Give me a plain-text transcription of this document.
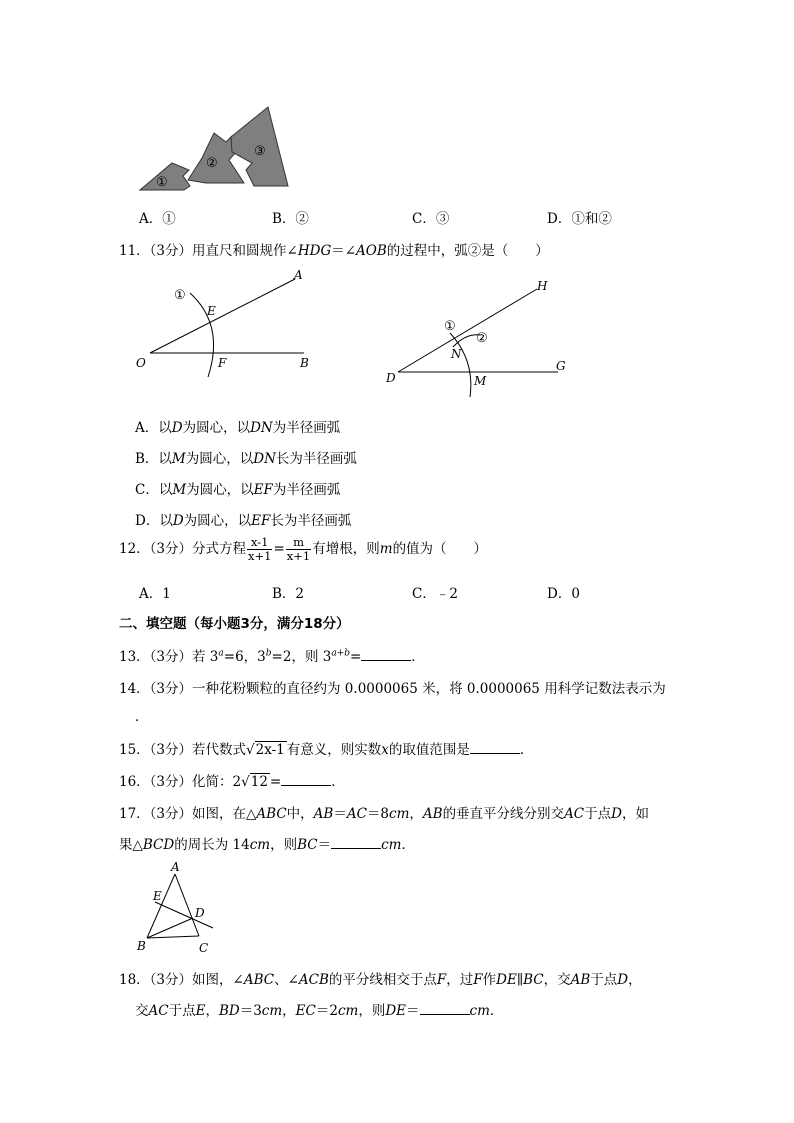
①
②
③
A．①	B．②	C．③	D．①和②
11．（3分）用直尺和圆规作∠HDG＝∠AOB的过程中，弧②是（　　）
①
E
F
O
A
B
①
②
N
M
D
H
G
A．以D为圆心，以DN为半径画弧
B．以M为圆心，以DN长为半径画弧
C．以M为圆心，以EF为半径画弧
D．以D为圆心，以EF长为半径画弧
12．（3分）分式方程 $\frac{x-1}{x+1} = \frac{m}{x+1}$ 有增根，则m的值为（　　）
A．1	B．2	C．﹣2	D．0
二、填空题（每小题3分，满分18分）
13．（3分）若 $3^a=6$，$3^b=2$，则 $3^{a+b}=$	．
14．（3分）一种花粉颗粒的直径约为 0.0000065 米，将 0.0000065 用科学记数法表示为
．
15．（3分）若代数式√2x-1 有意义，则实数x的取值范围是	．
16．（3分）化简：2√12 =	．
17．（3分）如图，在△ABC中，AB＝AC＝8cm，AB的垂直平分线分别交AC于点D，如
果△BCD的周长为 14cm，则BC＝	cm．
A
E
D
B	C
18．（3分）如图，∠ABC、∠ACB的平分线相交于点F，过F作DE∥BC，交AB于点D，
交AC于点E，BD＝3cm，EC＝2cm，则DE＝	cm．
